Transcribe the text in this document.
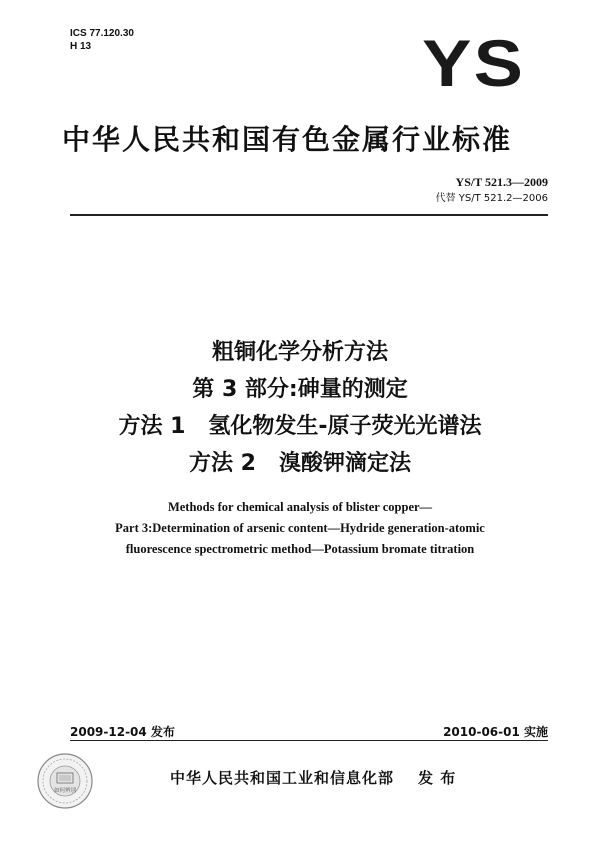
ICS 77.120.30
H 13	YS
中华人民共和国有色金属行业标准
YS/T 521.3—2009
代替 YS/T 521.2—2006
粗铜化学分析方法
第 3 部分:砷量的测定
方法 1   氢化物发生-原子荧光光谱法
方法 2   溴酸钾滴定法
Methods for chemical analysis of blister copper—
Part 3:Determination of arsenic content—Hydride generation-atomic
fluorescence spectrometric method—Potassium bromate titration
2009-12-04 发布	2010-06-01 实施
如何辨别
中华人民共和国工业和信息化部 发 布
